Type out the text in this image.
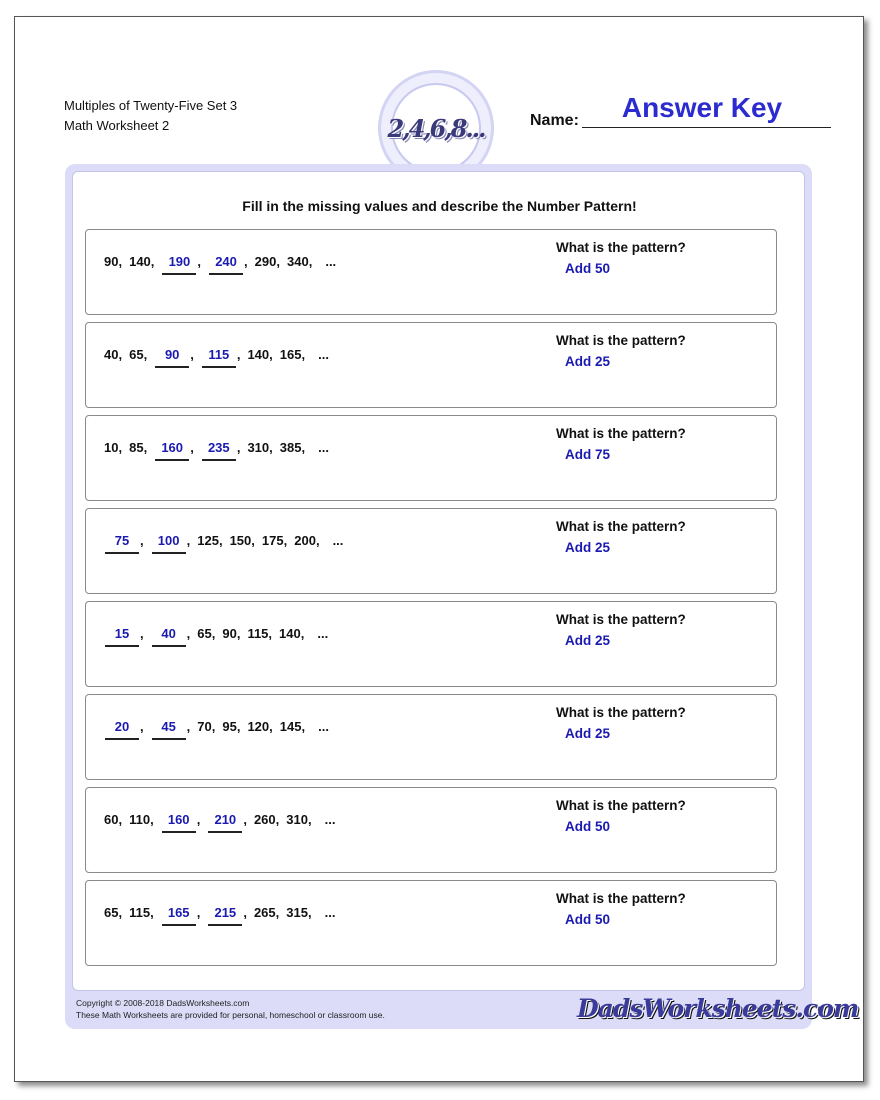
Multiples of Twenty-Five Set 3
Math Worksheet 2	2,4,6,8...	Name:	Answer Key
Fill in the missing values and describe the Number Pattern!
90 , 140 ,	190 ,	240 , 290 , 340 , ...
What is the pattern?
Add 50
40 , 65 ,	90 ,	115 , 140 , 165 , ...
What is the pattern?
Add 25
10 , 85 ,	160 ,	235 , 310 , 385 , ...
What is the pattern?
Add 75
75 ,	100 , 125 , 150 , 175 , 200 , ...
What is the pattern?
Add 25
15 ,	40 , 65 , 90 , 115 , 140 , ...
What is the pattern?
Add 25
20 ,	45 , 70 , 95 , 120 , 145 , ...
What is the pattern?
Add 25
60 , 110 ,	160 ,	210 , 260 , 310 , ...
What is the pattern?
Add 50
65 , 115 ,	165 ,	215 , 265 , 315 , ...
What is the pattern?
Add 50
Copyright © 2008-2018 DadsWorksheets.com
These Math Worksheets are provided for personal, homeschool or classroom use.	DadsWorksheets.com
